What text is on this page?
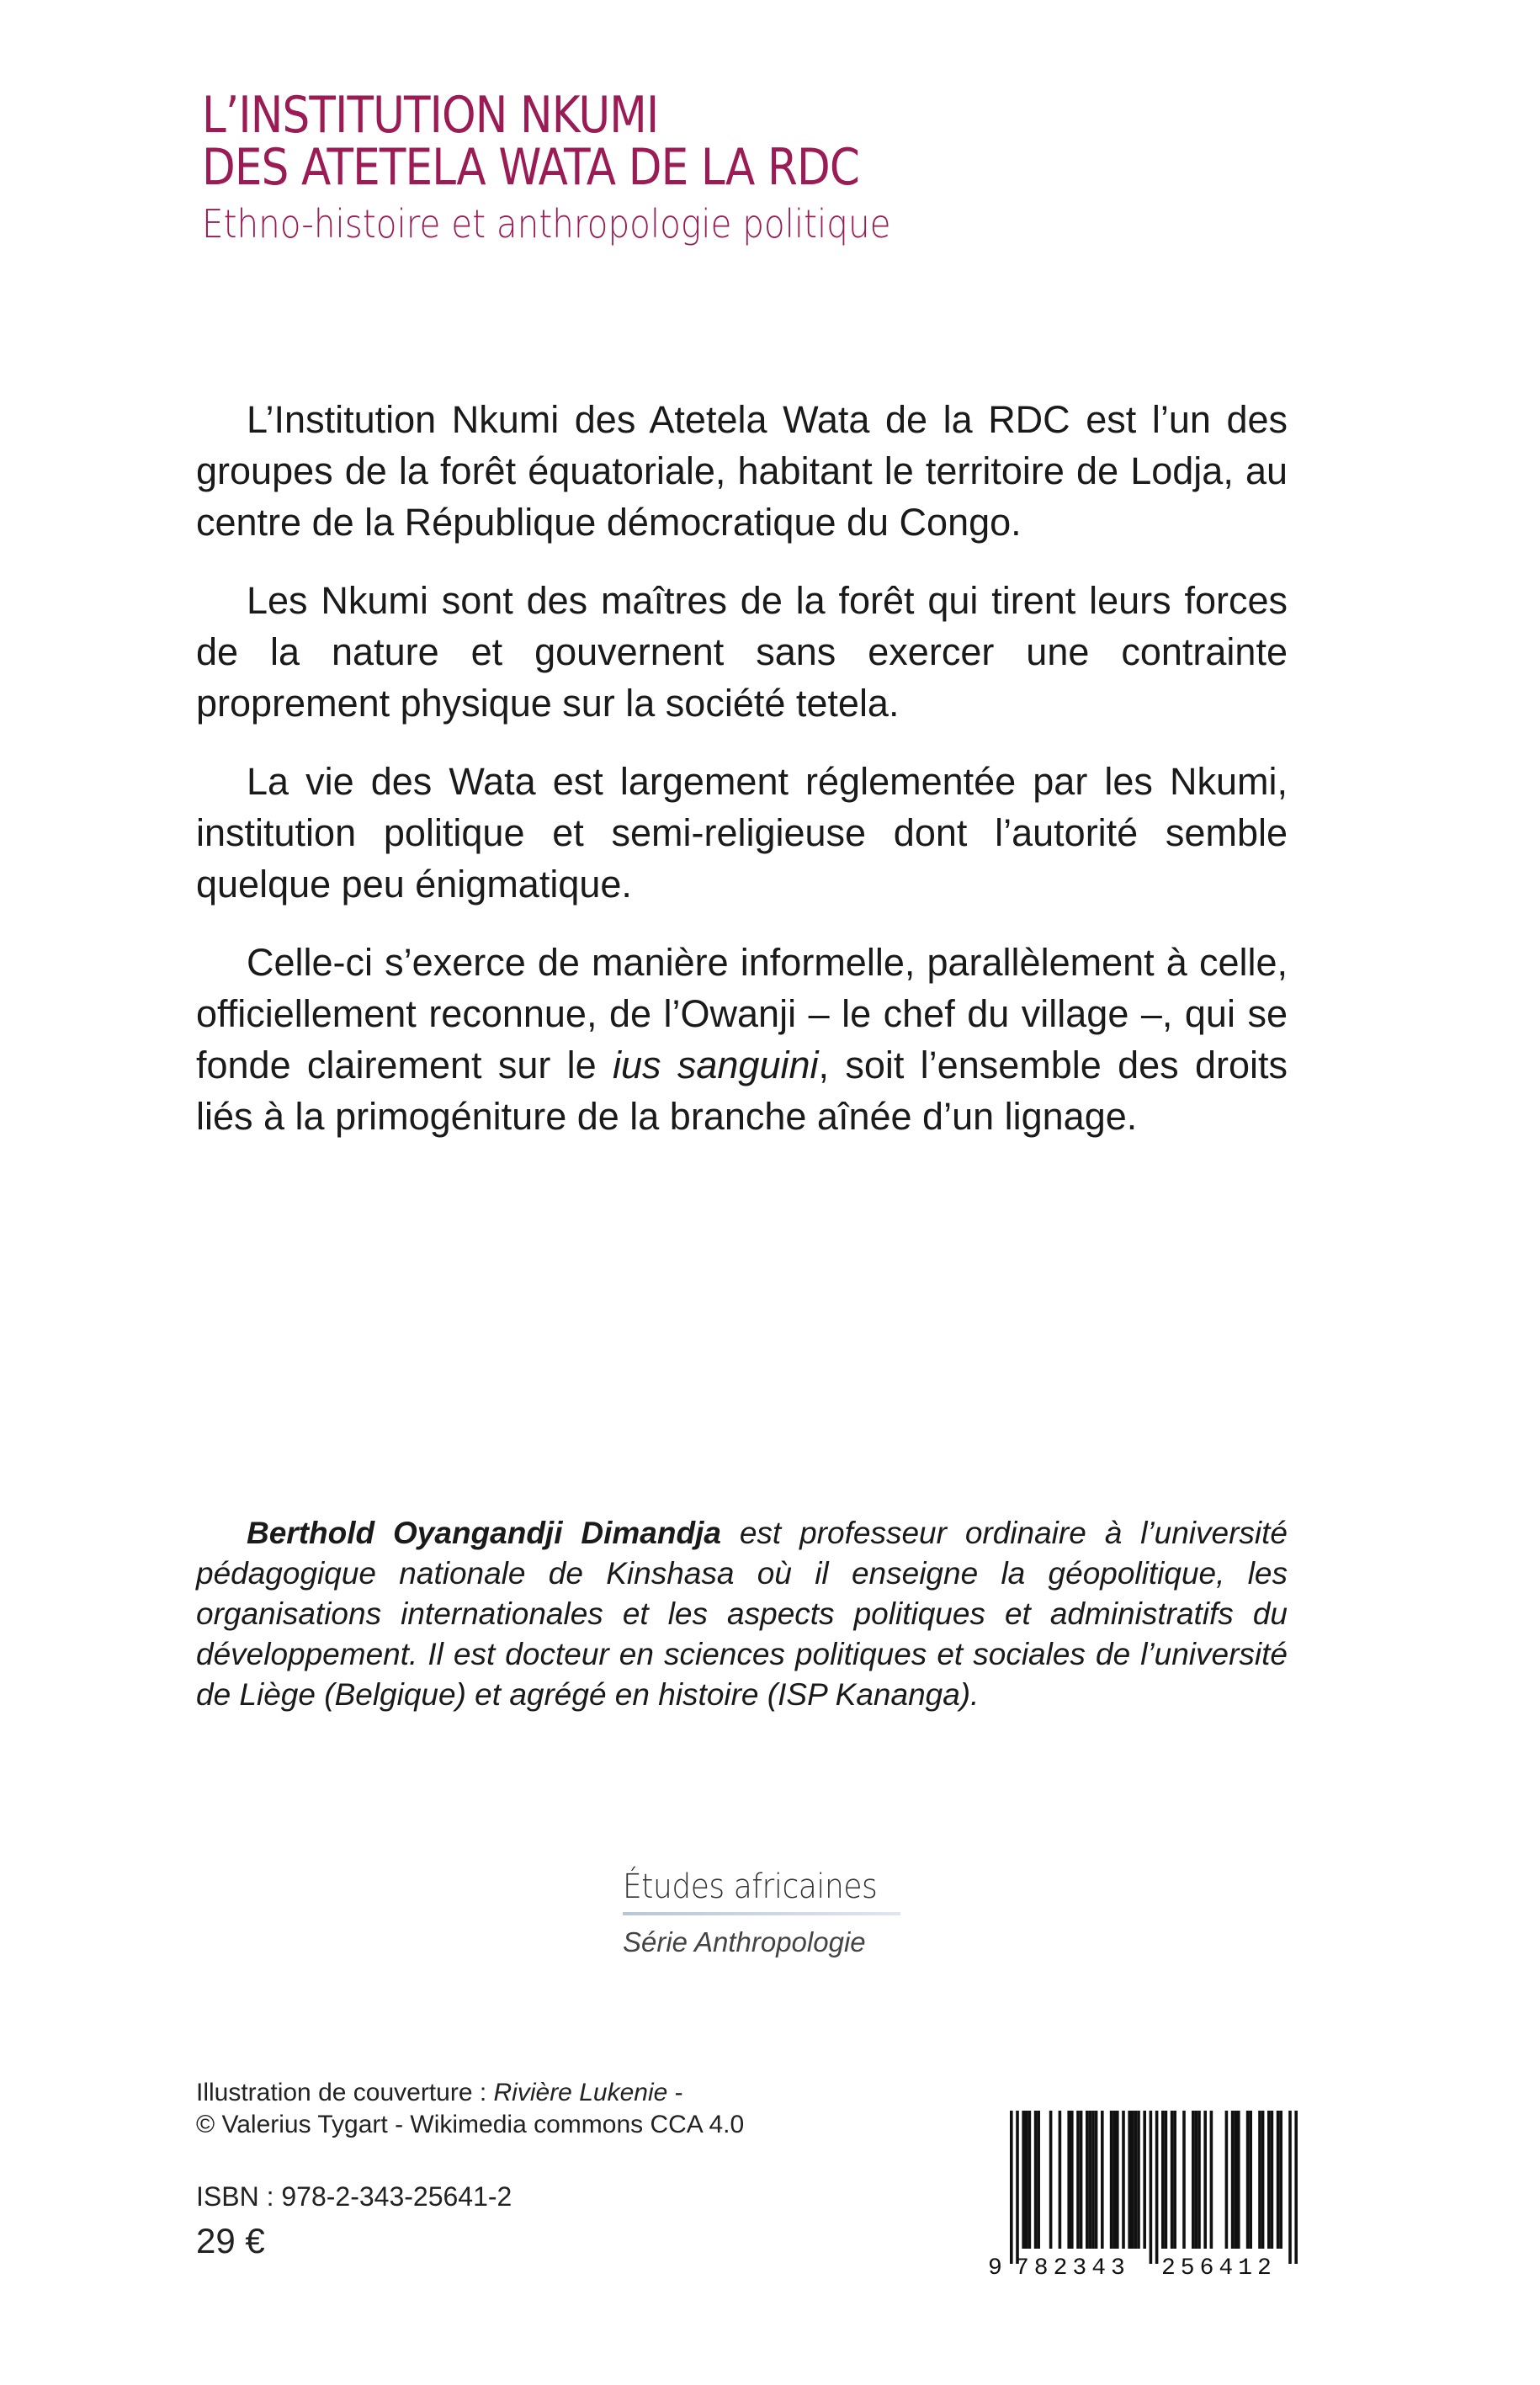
L’INSTITUTION NKUMI
DES ATETELA WATA DE LA RDC
Ethno-histoire et anthropologie politique

L’Institution Nkumi des Atetela Wata de la RDC est l’un des groupes de la forêt équatoriale, habitant le territoire de Lodja, au centre de la République démocratique du Congo.

Les Nkumi sont des maîtres de la forêt qui tirent leurs forces de la nature et gouvernent sans exercer une contrainte proprement physique sur la société tetela.

La vie des Wata est largement réglementée par les Nkumi, institution politique et semi-religieuse dont l’autorité semble quelque peu énigmatique.

Celle-ci s’exerce de manière informelle, parallèlement à celle, officiellement reconnue, de l’Owanji – le chef du village –, qui se fonde clairement sur le ius sanguini, soit l’ensemble des droits liés à la primogéniture de la branche aînée d’un lignage.

Berthold Oyangandji Dimandja est professeur ordinaire à l’université pédagogique nationale de Kinshasa où il enseigne la géopolitique, les organisations internationales et les aspects politiques et administratifs du développement. Il est docteur en sciences politiques et sociales de l’université de Liège (Belgique) et agrégé en histoire (ISP Kananga).

Études africaines
Série Anthropologie
Illustration de couverture : Rivière Lukenie -
© Valerius Tygart - Wikimedia commons CCA 4.0
ISBN : 978-2-343-25641-2
29 €
9 782343 256412
